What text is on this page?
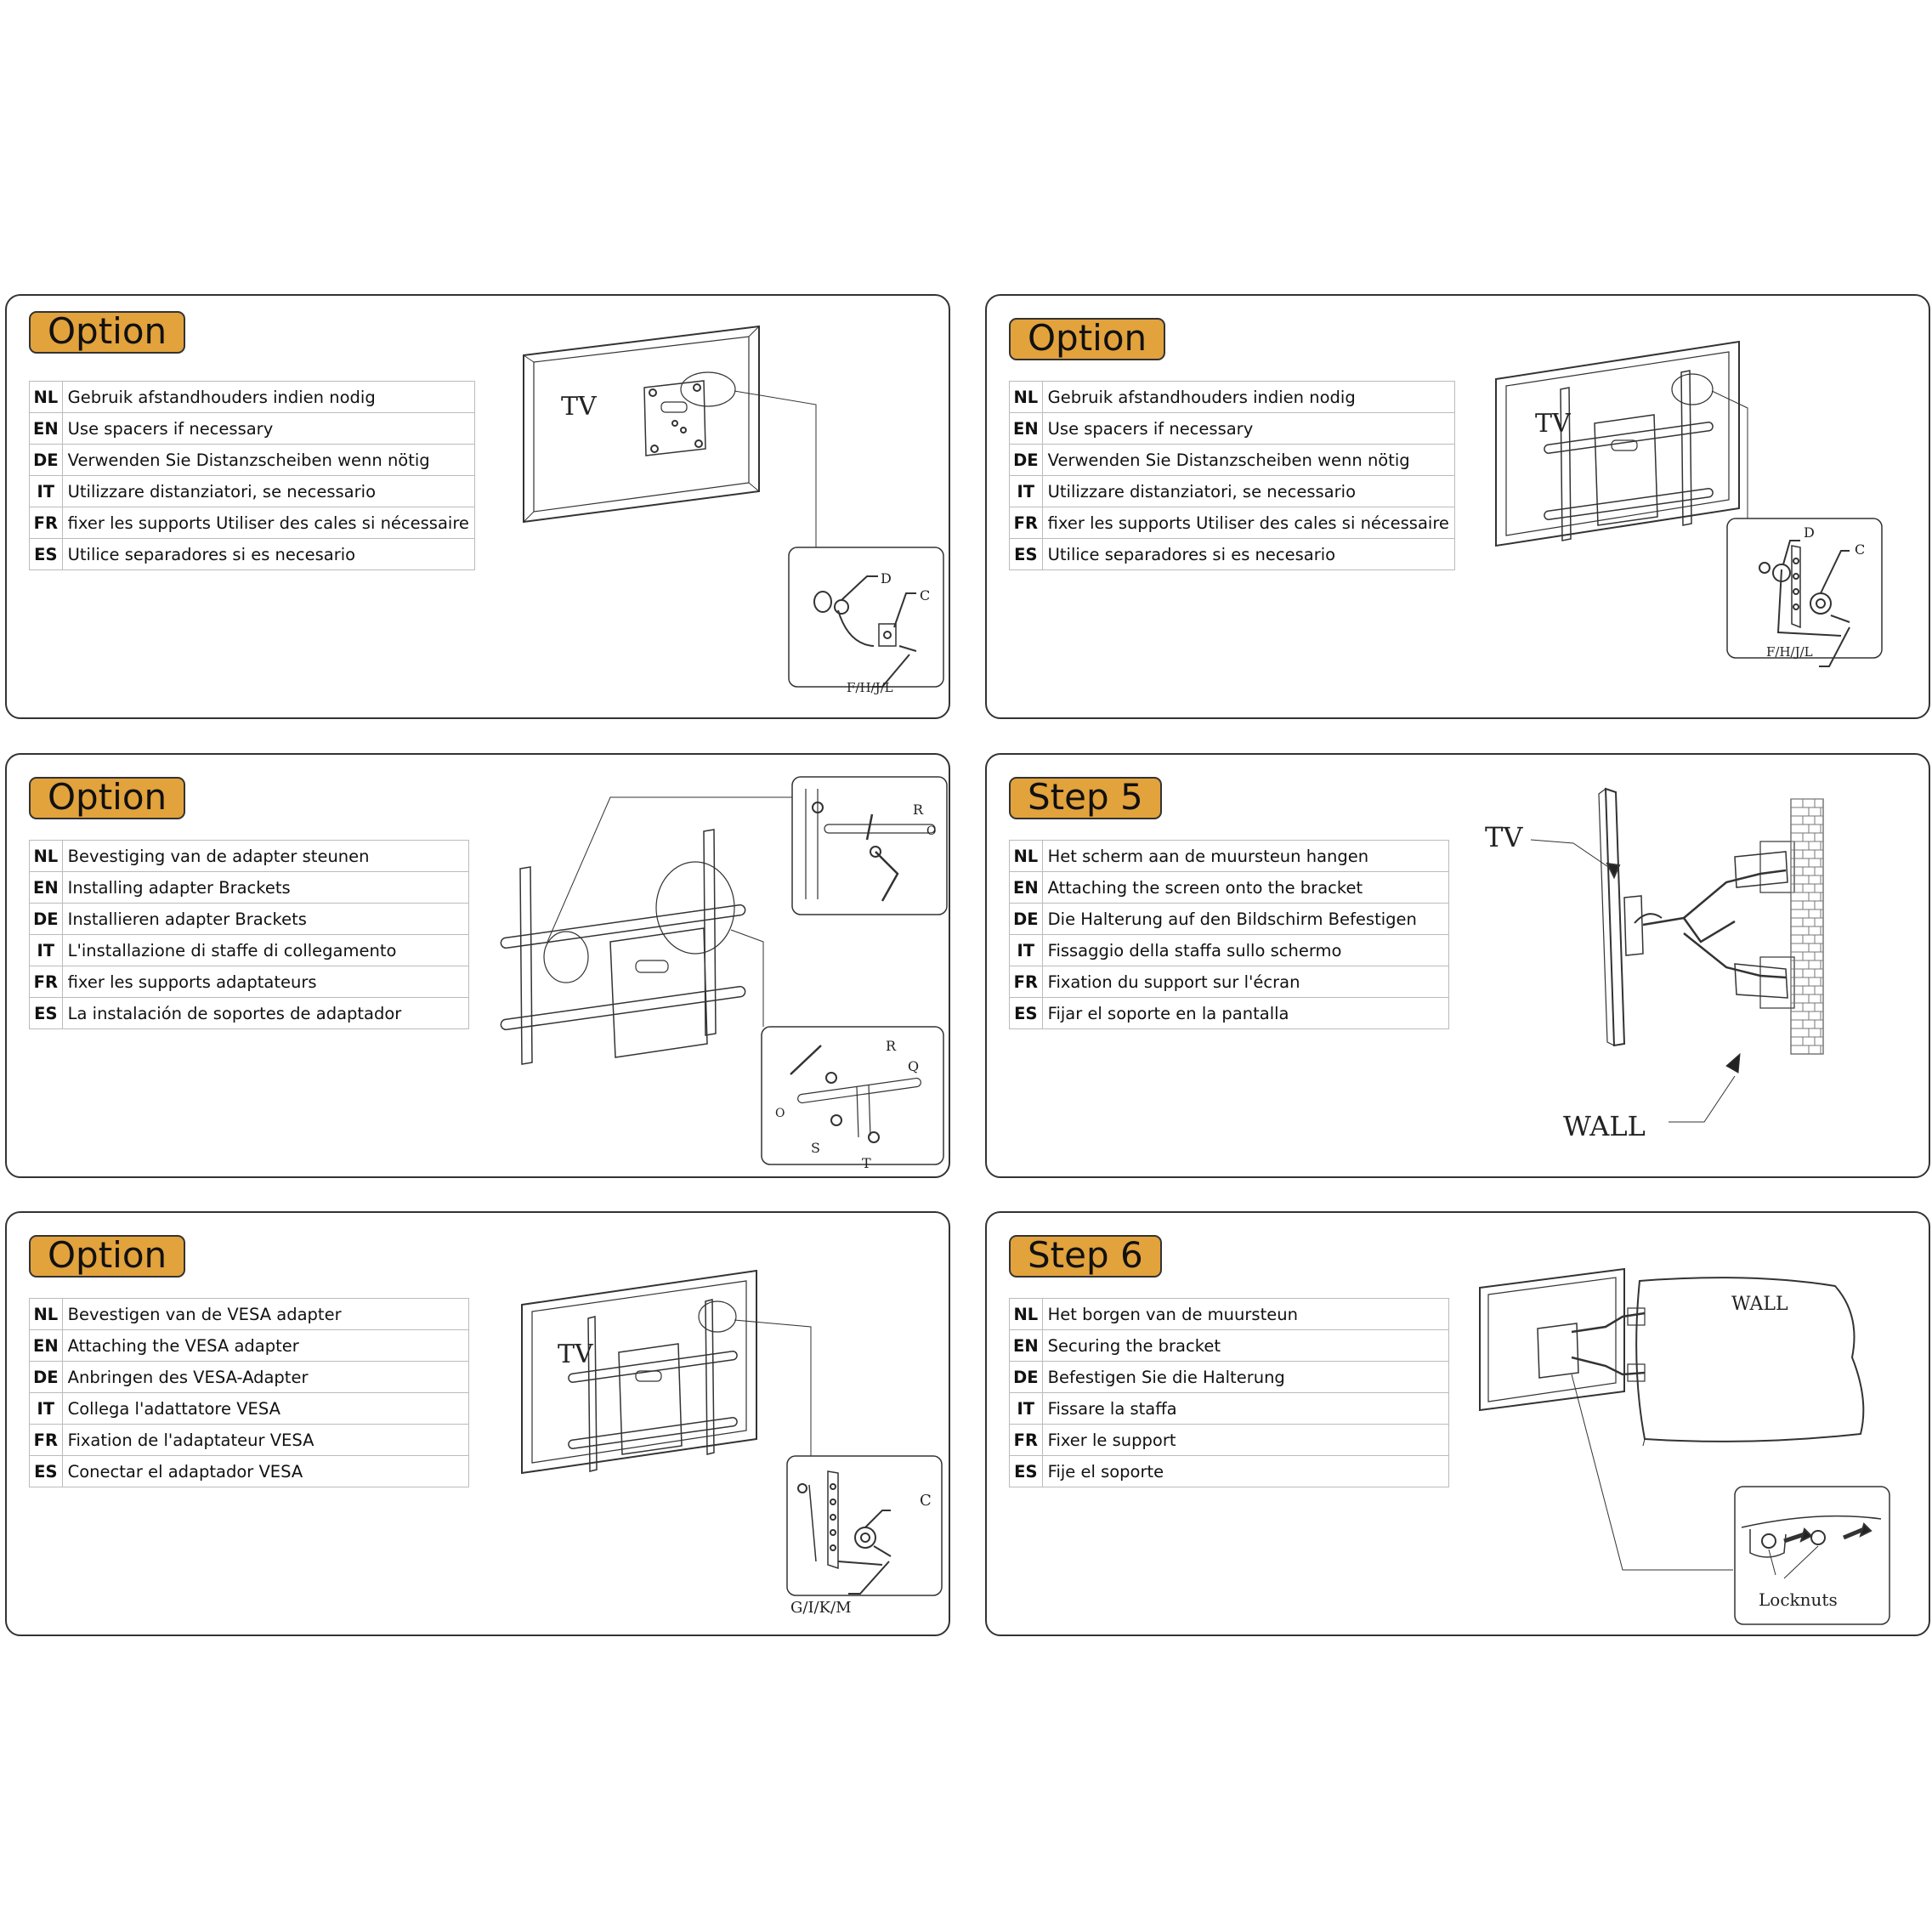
Option
NL	Gebruik afstandhouders indien nodig
EN	Use spacers if necessary
DE	Verwenden Sie Distanzscheiben wenn nötig
IT	Utilizzare distanziatori, se necessario
FR	fixer les supports Utiliser des cales si nécessaire
ES	Utilice separadores si es necesario
TV
D
C
F/H/J/L
Option
NL	Gebruik afstandhouders indien nodig
EN	Use spacers if necessary
DE	Verwenden Sie Distanzscheiben wenn nötig
IT	Utilizzare distanziatori, se necessario
FR	fixer les supports Utiliser des cales si nécessaire
ES	Utilice separadores si es necesario
TV
D
C
F/H/J/L
Option
NL	Bevestiging van de adapter steunen
EN	Installing adapter Brackets
DE	Installieren adapter Brackets
IT	L'installazione di staffe di collegamento
FR	fixer les supports adaptateurs
ES	La instalación de soportes de adaptador
R
O
R
Q
O
S
T
Step 5
NL	Het scherm aan de muursteun hangen
EN	Attaching the screen onto the bracket
DE	Die Halterung auf den Bildschirm Befestigen
IT	Fissaggio della staffa sullo schermo
FR	Fixation du support sur l'écran
ES	Fijar el soporte en la pantalla
TV
WALL
Option
NL	Bevestigen van de VESA adapter
EN	Attaching the VESA adapter
DE	Anbringen des VESA-Adapter
IT	Collega l'adattatore VESA
FR	Fixation de l'adaptateur VESA
ES	Conectar el adaptador VESA
TV
C
G/I/K/M
Step 6
NL	Het borgen van de muursteun
EN	Securing the bracket
DE	Befestigen Sie die Halterung
IT	Fissare la staffa
FR	Fixer le support
ES	Fije el soporte
WALL
Locknuts
